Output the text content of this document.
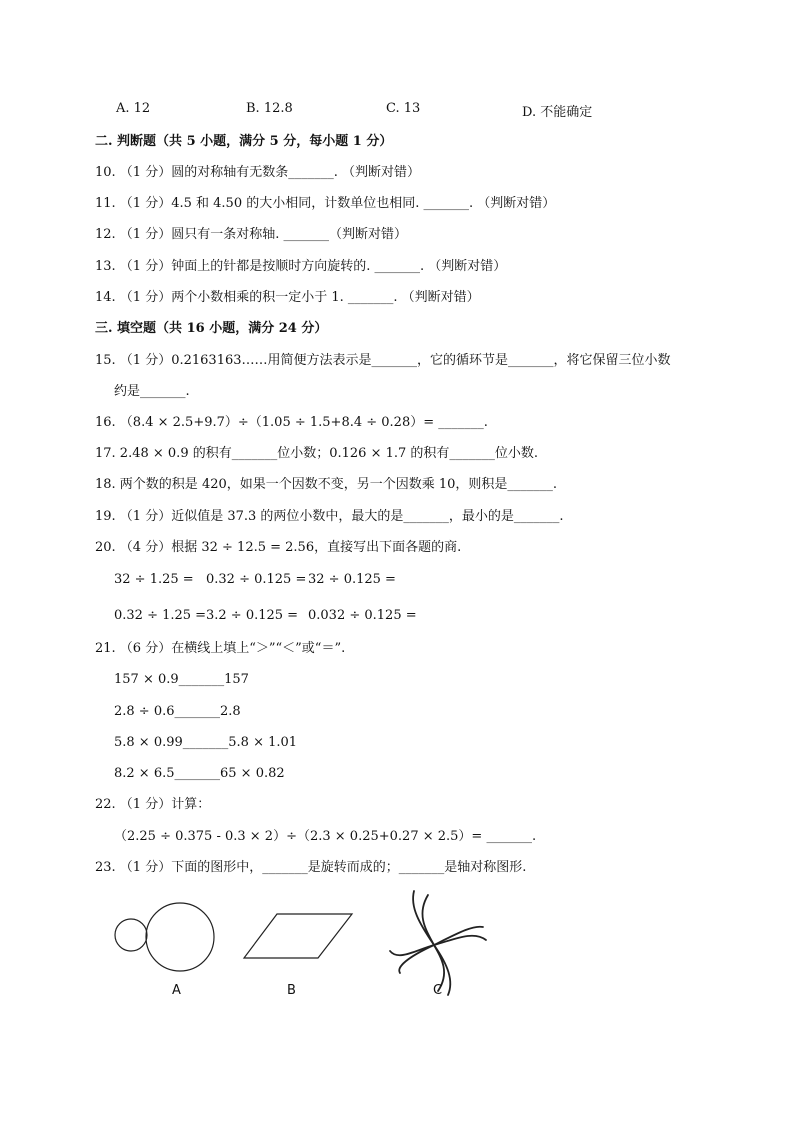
A. 12	B. 12.8	C. 13	D. 不能确定
二. 判断题（共 5 小题，满分 5 分，每小题 1 分）
10. （1 分）圆的对称轴有无数条_______. （判断对错）
11. （1 分）4.5 和 4.50 的大小相同，计数单位也相同. _______. （判断对错）
12. （1 分）圆只有一条对称轴. _______（判断对错）
13. （1 分）钟面上的针都是按顺时方向旋转的. _______. （判断对错）
14. （1 分）两个小数相乘的积一定小于 1. _______. （判断对错）
三. 填空题（共 16 小题，满分 24 分）
15. （1 分）0.2163163……用简便方法表示是_______，它的循环节是_______，将它保留三位小数
约是_______.
16. （8.4 × 2.5+9.7）÷（1.05 ÷ 1.5+8.4 ÷ 0.28）= _______.
17. 2.48 × 0.9 的积有_______位小数；0.126 × 1.7 的积有_______位小数.
18. 两个数的积是 420，如果一个因数不变，另一个因数乘 10，则积是_______.
19. （1 分）近似值是 37.3 的两位小数中，最大的是_______，最小的是_______.
20. （4 分）根据 32 ÷ 12.5 = 2.56，直接写出下面各题的商.
32 ÷ 1.25 = 0.32 ÷ 0.125 = 32 ÷ 0.125 =
0.32 ÷ 1.25 = 3.2 ÷ 0.125 = 0.032 ÷ 0.125 =
21. （6 分）在横线上填上“＞”“＜”或“＝”.
157 × 0.9_______157
2.8 ÷ 0.6_______2.8
5.8 × 0.99_______5.8 × 1.01
8.2 × 6.5_______65 × 0.82
22. （1 分）计算：
（2.25 ÷ 0.375 - 0.3 × 2）÷（2.3 × 0.25+0.27 × 2.5）= _______.
23. （1 分）下面的图形中，_______是旋转而成的；_______是轴对称图形.
A	B	C
